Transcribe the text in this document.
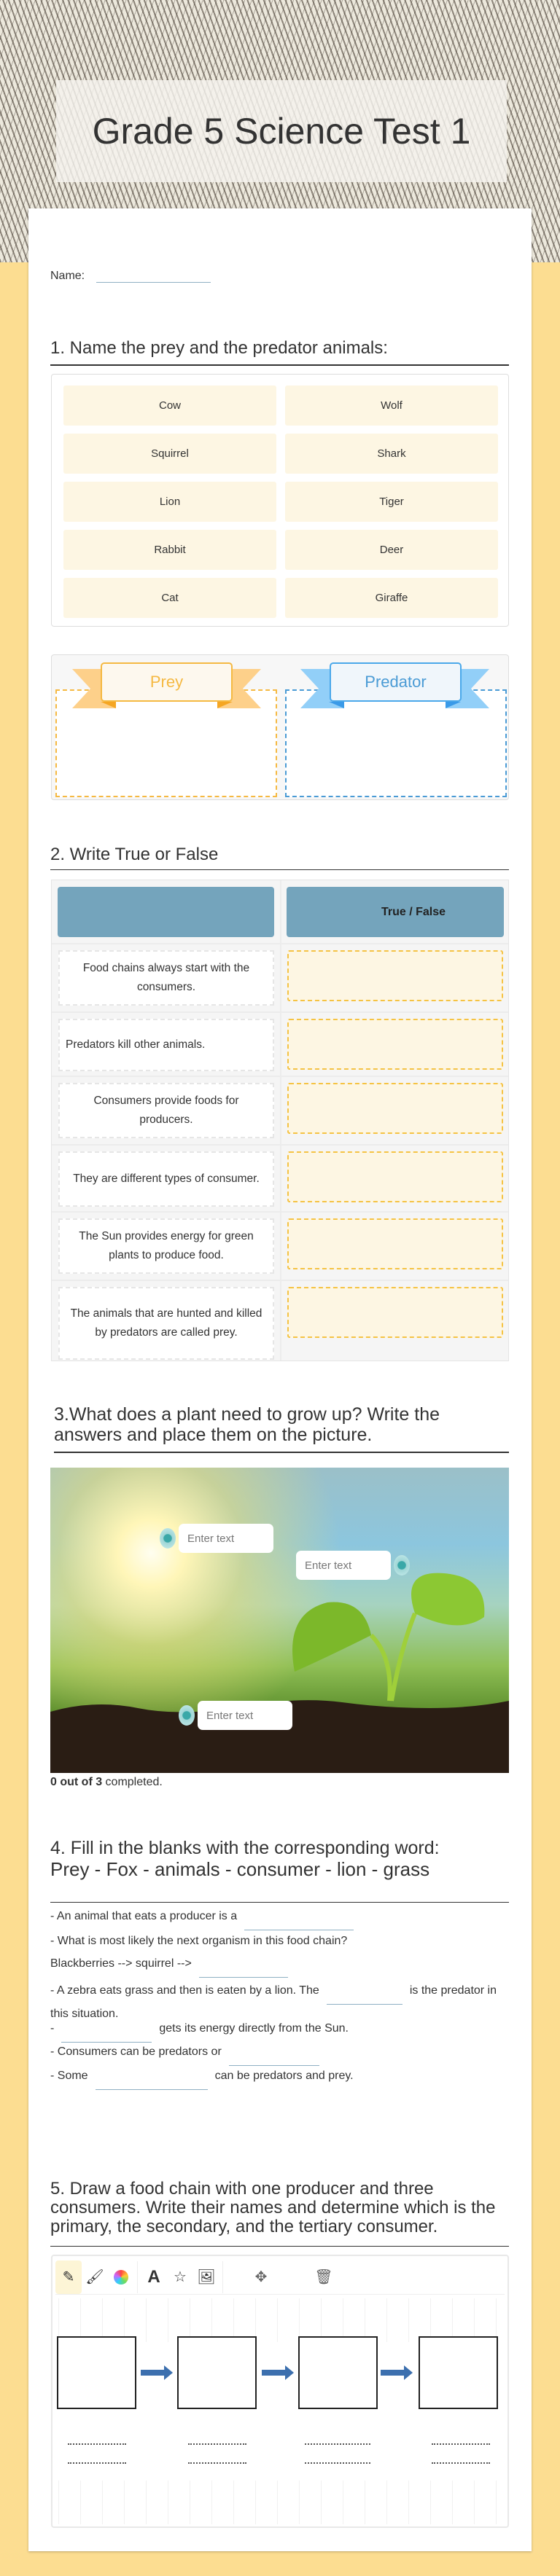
Grade 5 Science Test 1
Name:
1. Name the prey and the predator animals:
Cow	Wolf
Squirrel	Shark
Lion	Tiger
Rabbit	Deer
Cat	Giraffe
Prey	Predator
2. Write True or False
True / False
Food chains always start with the consumers.
Predators kill other animals.
Consumers provide foods for producers.
They are different types of consumer.
The Sun provides energy for green plants to produce food.
The animals that are hunted and killed by predators are called prey.
3.What does a plant need to grow up? Write the answers and place them on the picture.
Enter text
Enter text
Enter text
0 out of 3 completed.
4. Fill in the blanks with the corresponding word:
Prey - Fox - animals - consumer - lion - grass
- An animal that eats a producer is a
- What is most likely the next organism in this food chain?
Blackberries --> squirrel -->
- A zebra eats grass and then is eaten by a lion. The	is the predator in this situation.
-	gets its energy directly from the Sun.
- Consumers can be predators or
- Some	can be predators and prey.
5. Draw a food chain with one producer and three consumers. Write their names and determine which is the primary, the secondary, and the tertiary consumer.
✎ 🖌	A ☆ 🖼	✥	🗑
